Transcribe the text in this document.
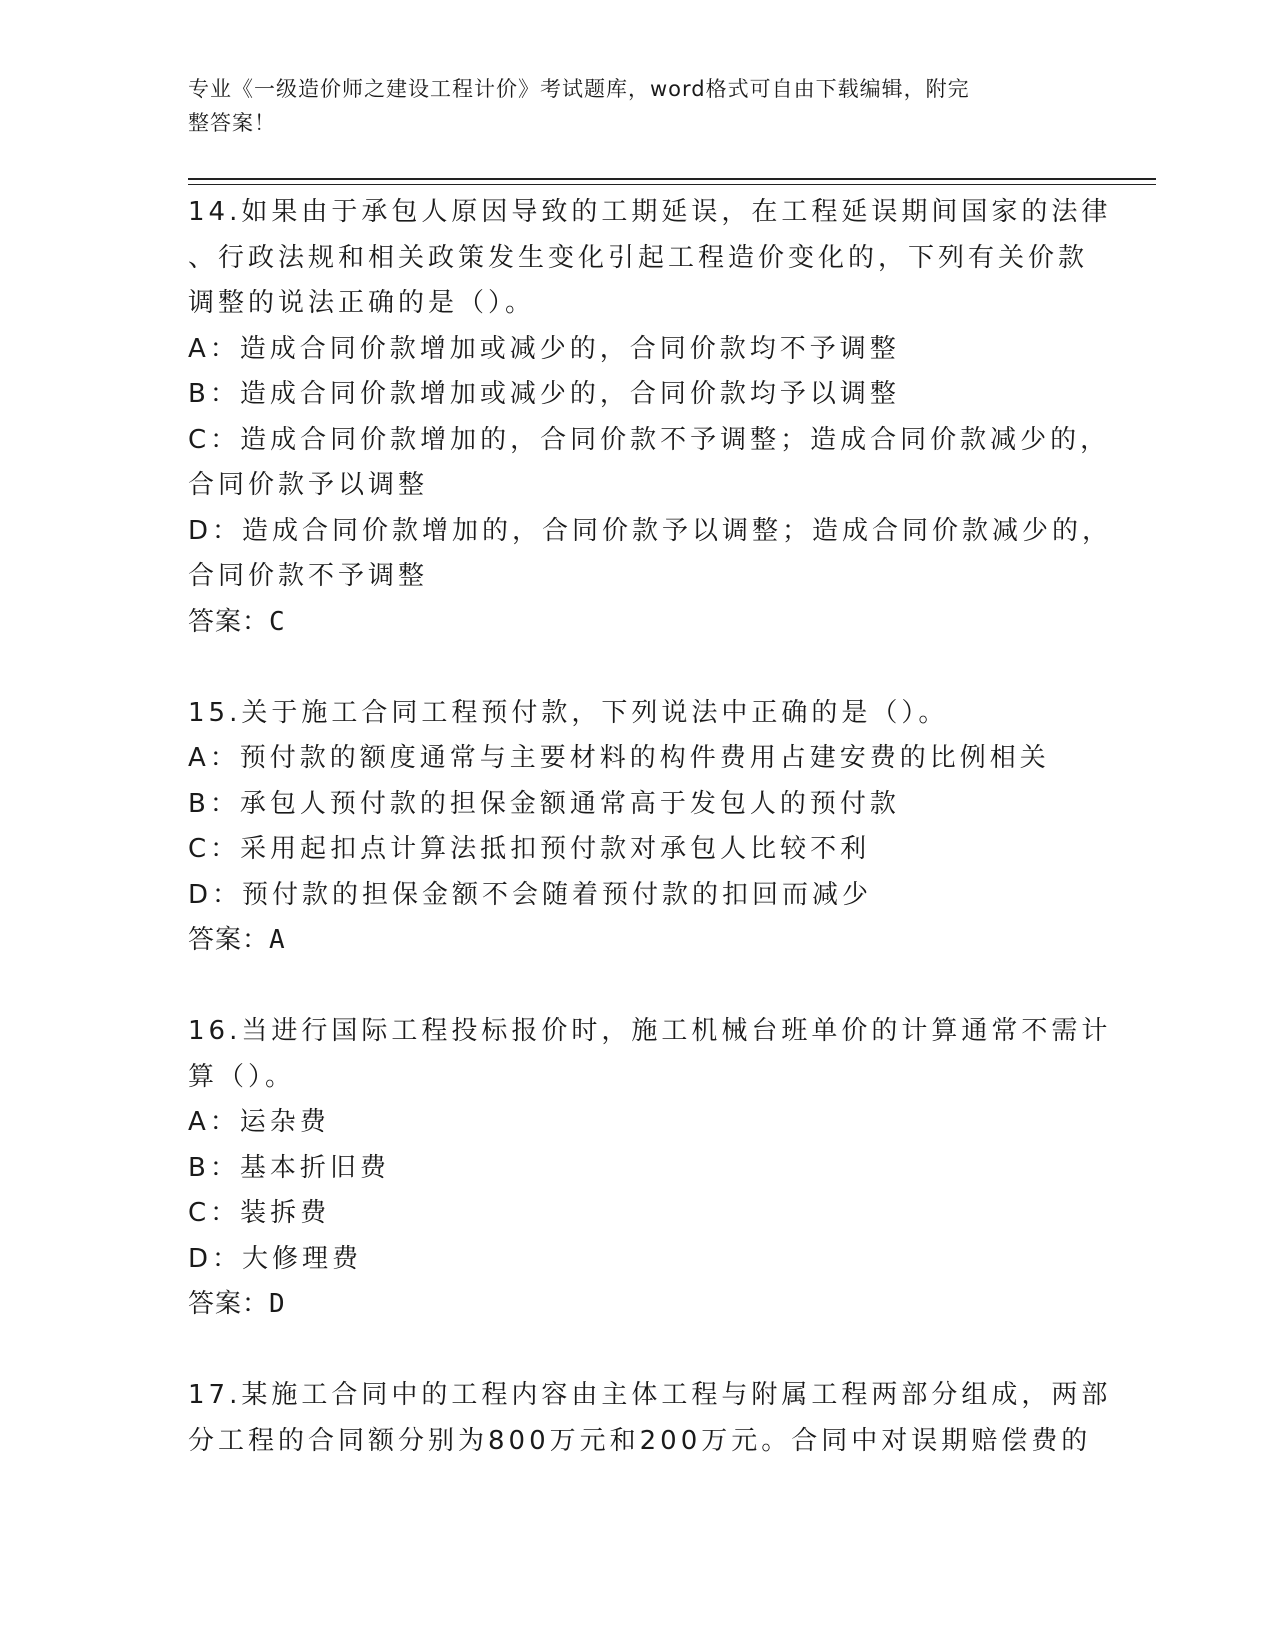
专业《一级造价师之建设工程计价》考试题库，word格式可自由下载编辑，附完
整答案！
14.如果由于承包人原因导致的工期延误，在工程延误期间国家的法律
、行政法规和相关政策发生变化引起工程造价变化的，下列有关价款
调整的说法正确的是（）。
A：造成合同价款增加或减少的，合同价款均不予调整
B：造成合同价款增加或减少的，合同价款均予以调整
C：造成合同价款增加的，合同价款不予调整；造成合同价款减少的，
合同价款予以调整
D：造成合同价款增加的，合同价款予以调整；造成合同价款减少的，
合同价款不予调整
答案：C
15.关于施工合同工程预付款，下列说法中正确的是（）。
A：预付款的额度通常与主要材料的构件费用占建安费的比例相关
B：承包人预付款的担保金额通常高于发包人的预付款
C：采用起扣点计算法抵扣预付款对承包人比较不利
D：预付款的担保金额不会随着预付款的扣回而减少
答案：A
16.当进行国际工程投标报价时，施工机械台班单价的计算通常不需计
算（）。
A：运杂费
B：基本折旧费
C：装拆费
D：大修理费
答案：D
17.某施工合同中的工程内容由主体工程与附属工程两部分组成，两部
分工程的合同额分别为800万元和200万元。合同中对误期赔偿费的
